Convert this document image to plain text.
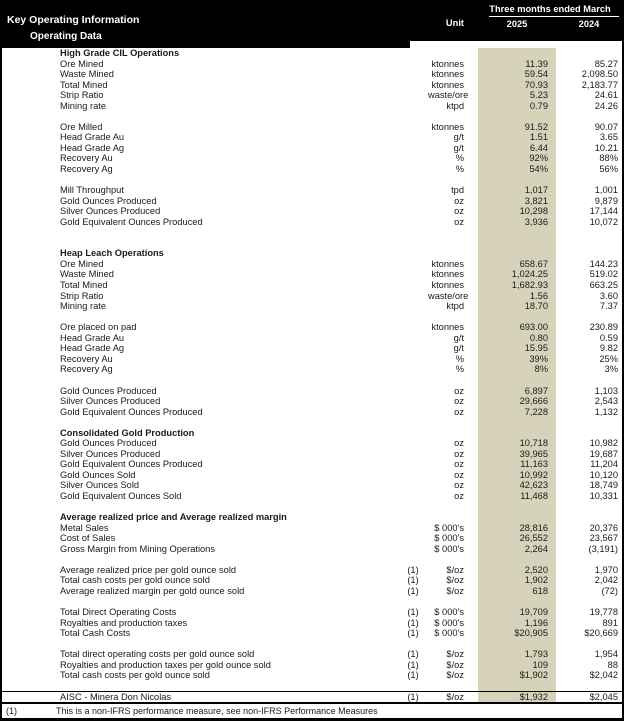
Key Operating Information
Operating Data
Unit
Three months ended March
2025	2024
High Grade CIL Operations
Ore Mined	ktonnes	11.39	85.27
Waste Mined	ktonnes	59.54	2,098.50
Total Mined	ktonnes	70.93	2,183.77
Strip Ratio	waste/ore	5.23	24.61
Mining rate	ktpd	0.79	24.26
Ore Milled	ktonnes	91.52	90.07
Head Grade Au	g/t	1.51	3.65
Head Grade Ag	g/t	6.44	10.21
Recovery Au	%	92%	88%
Recovery Ag	%	54%	56%
Mill Throughput	tpd	1,017	1,001
Gold Ounces Produced	oz	3,821	9,879
Silver Ounces Produced	oz	10,298	17,144
Gold Equivalent Ounces Produced	oz	3,936	10,072
Heap Leach Operations
Ore Mined	ktonnes	658.67	144.23
Waste Mined	ktonnes	1,024.25	519.02
Total Mined	ktonnes	1,682.93	663.25
Strip Ratio	waste/ore	1.56	3.60
Mining rate	ktpd	18.70	7.37
Ore placed on pad	ktonnes	693.00	230.89
Head Grade Au	g/t	0.80	0.59
Head Grade Ag	g/t	15.95	9.82
Recovery Au	%	39%	25%
Recovery Ag	%	8%	3%
Gold Ounces Produced	oz	6,897	1,103
Silver Ounces Produced	oz	29,666	2,543
Gold Equivalent Ounces Produced	oz	7,228	1,132
Consolidated Gold Production
Gold Ounces Produced	oz	10,718	10,982
Silver Ounces Produced	oz	39,965	19,687
Gold Equivalent Ounces Produced	oz	11,163	11,204
Gold Ounces Sold	oz	10,992	10,120
Silver Ounces Sold	oz	42,623	18,749
Gold Equivalent Ounces Sold	oz	11,468	10,331
Average realized price and Average realized margin
Metal Sales	$ 000's	28,816	20,376
Cost of Sales	$ 000's	26,552	23,567
Gross Margin from Mining Operations	$ 000's	2,264	(3,191)
Average realized price per gold ounce sold	(1)	$/oz	2,520	1,970
Total cash costs per gold ounce sold	(1)	$/oz	1,902	2,042
Average realized margin per gold ounce sold	(1)	$/oz	618	(72)
Total Direct Operating Costs	(1)	$ 000's	19,709	19,778
Royalties and production taxes	(1)	$ 000's	1,196	891
Total Cash Costs	(1)	$ 000's	$20,905	$20,669
Total direct operating costs per gold ounce sold	(1)	$/oz	1,793	1,954
Royalties and production taxes per gold ounce sold	(1)	$/oz	109	88
Total cash costs per gold ounce sold	(1)	$/oz	$1,902	$2,042
AISC - Minera Don Nicolas	(1)	$/oz	$1,932	$2,045
(1)	This is a non-IFRS performance measure, see non-IFRS Performance Measures
